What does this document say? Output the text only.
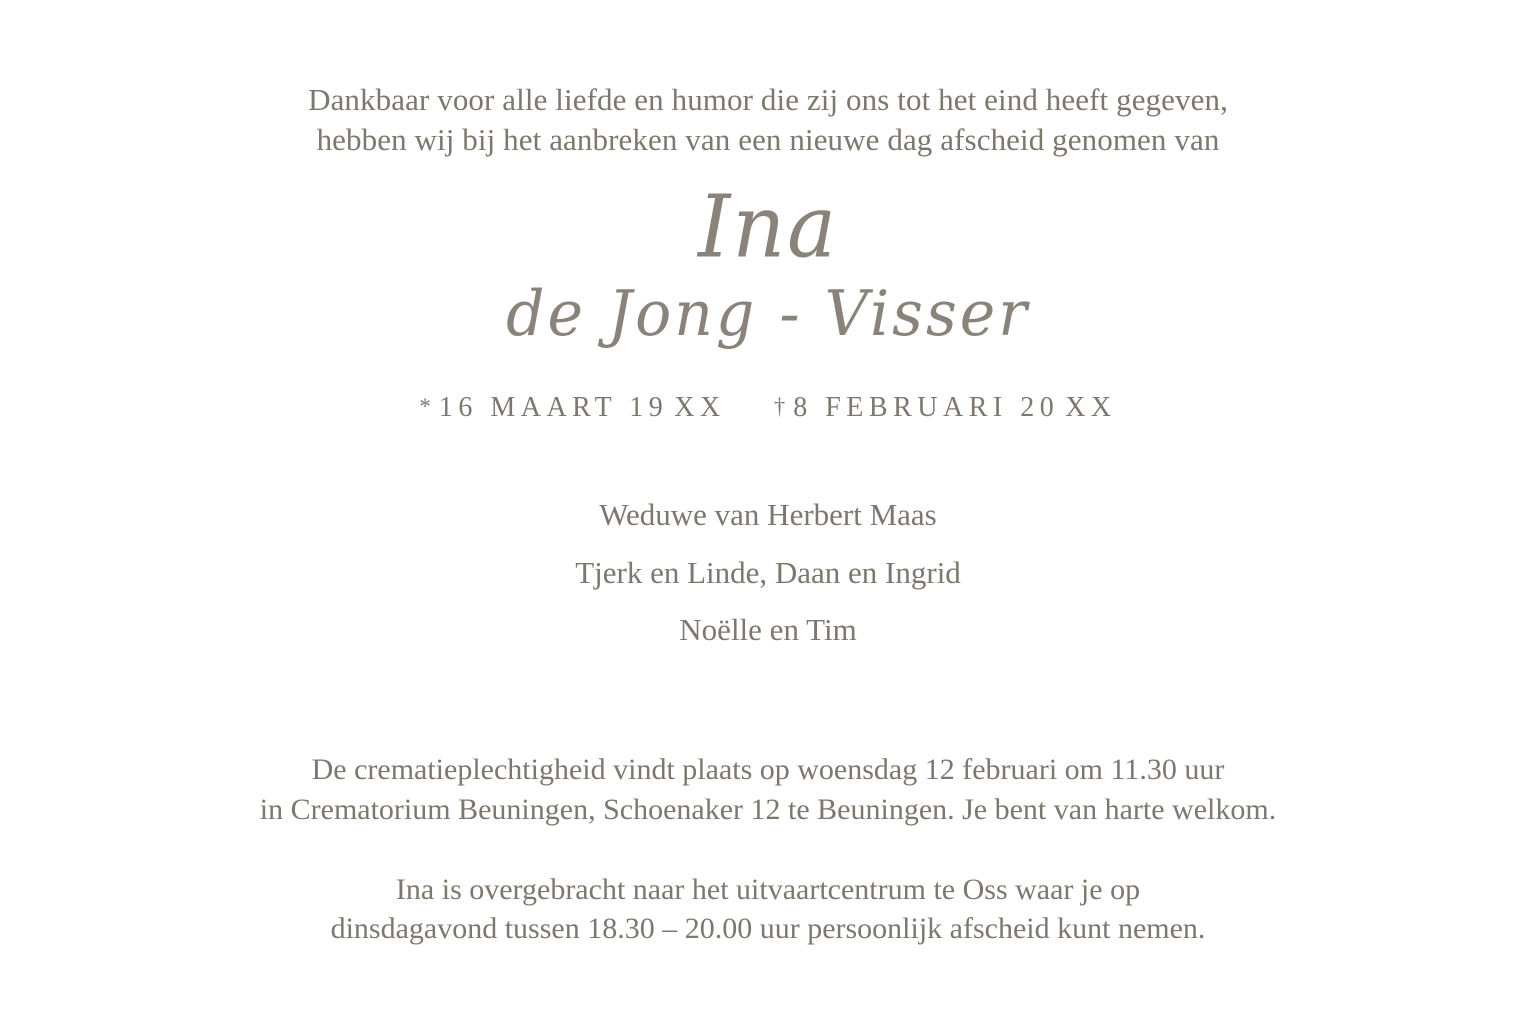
Dankbaar voor alle liefde en humor die zij ons tot het eind heeft gegeven,
hebben wij bij het aanbreken van een nieuwe dag afscheid genomen van
Ina
de Jong - Visser
* 16 MAART 19 XX † 8 FEBRUARI 20 XX
Weduwe van Herbert Maas
Tjerk en Linde, Daan en Ingrid
Noëlle en Tim
De crematieplechtigheid vindt plaats op woensdag 12 februari om 11.30 uur
in Crematorium Beuningen, Schoenaker 12 te Beuningen. Je bent van harte welkom.
Ina is overgebracht naar het uitvaartcentrum te Oss waar je op
dinsdagavond tussen 18.30 – 20.00 uur persoonlijk afscheid kunt nemen.
